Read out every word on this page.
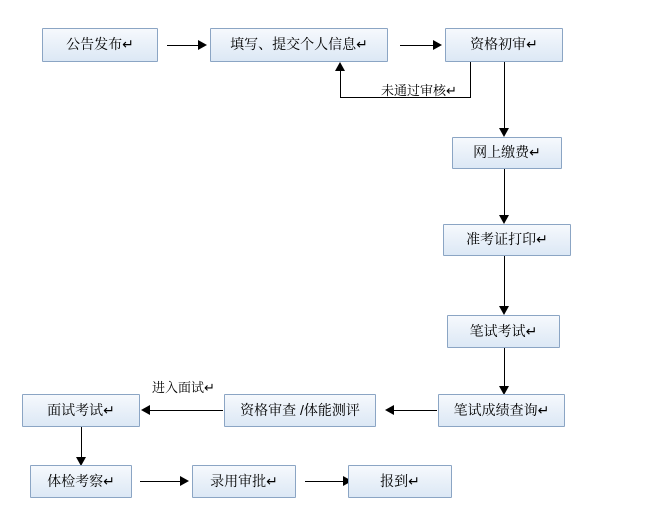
公告发布↵	填写、提交个人信息↵	资格初审↵
未通过审核↵
网上缴费↵
准考证打印↵
笔试考试↵
笔试成绩查询↵
资格审查 /体能测评
进入面试↵
面试考试↵
体检考察↵	录用审批↵	报到↵
